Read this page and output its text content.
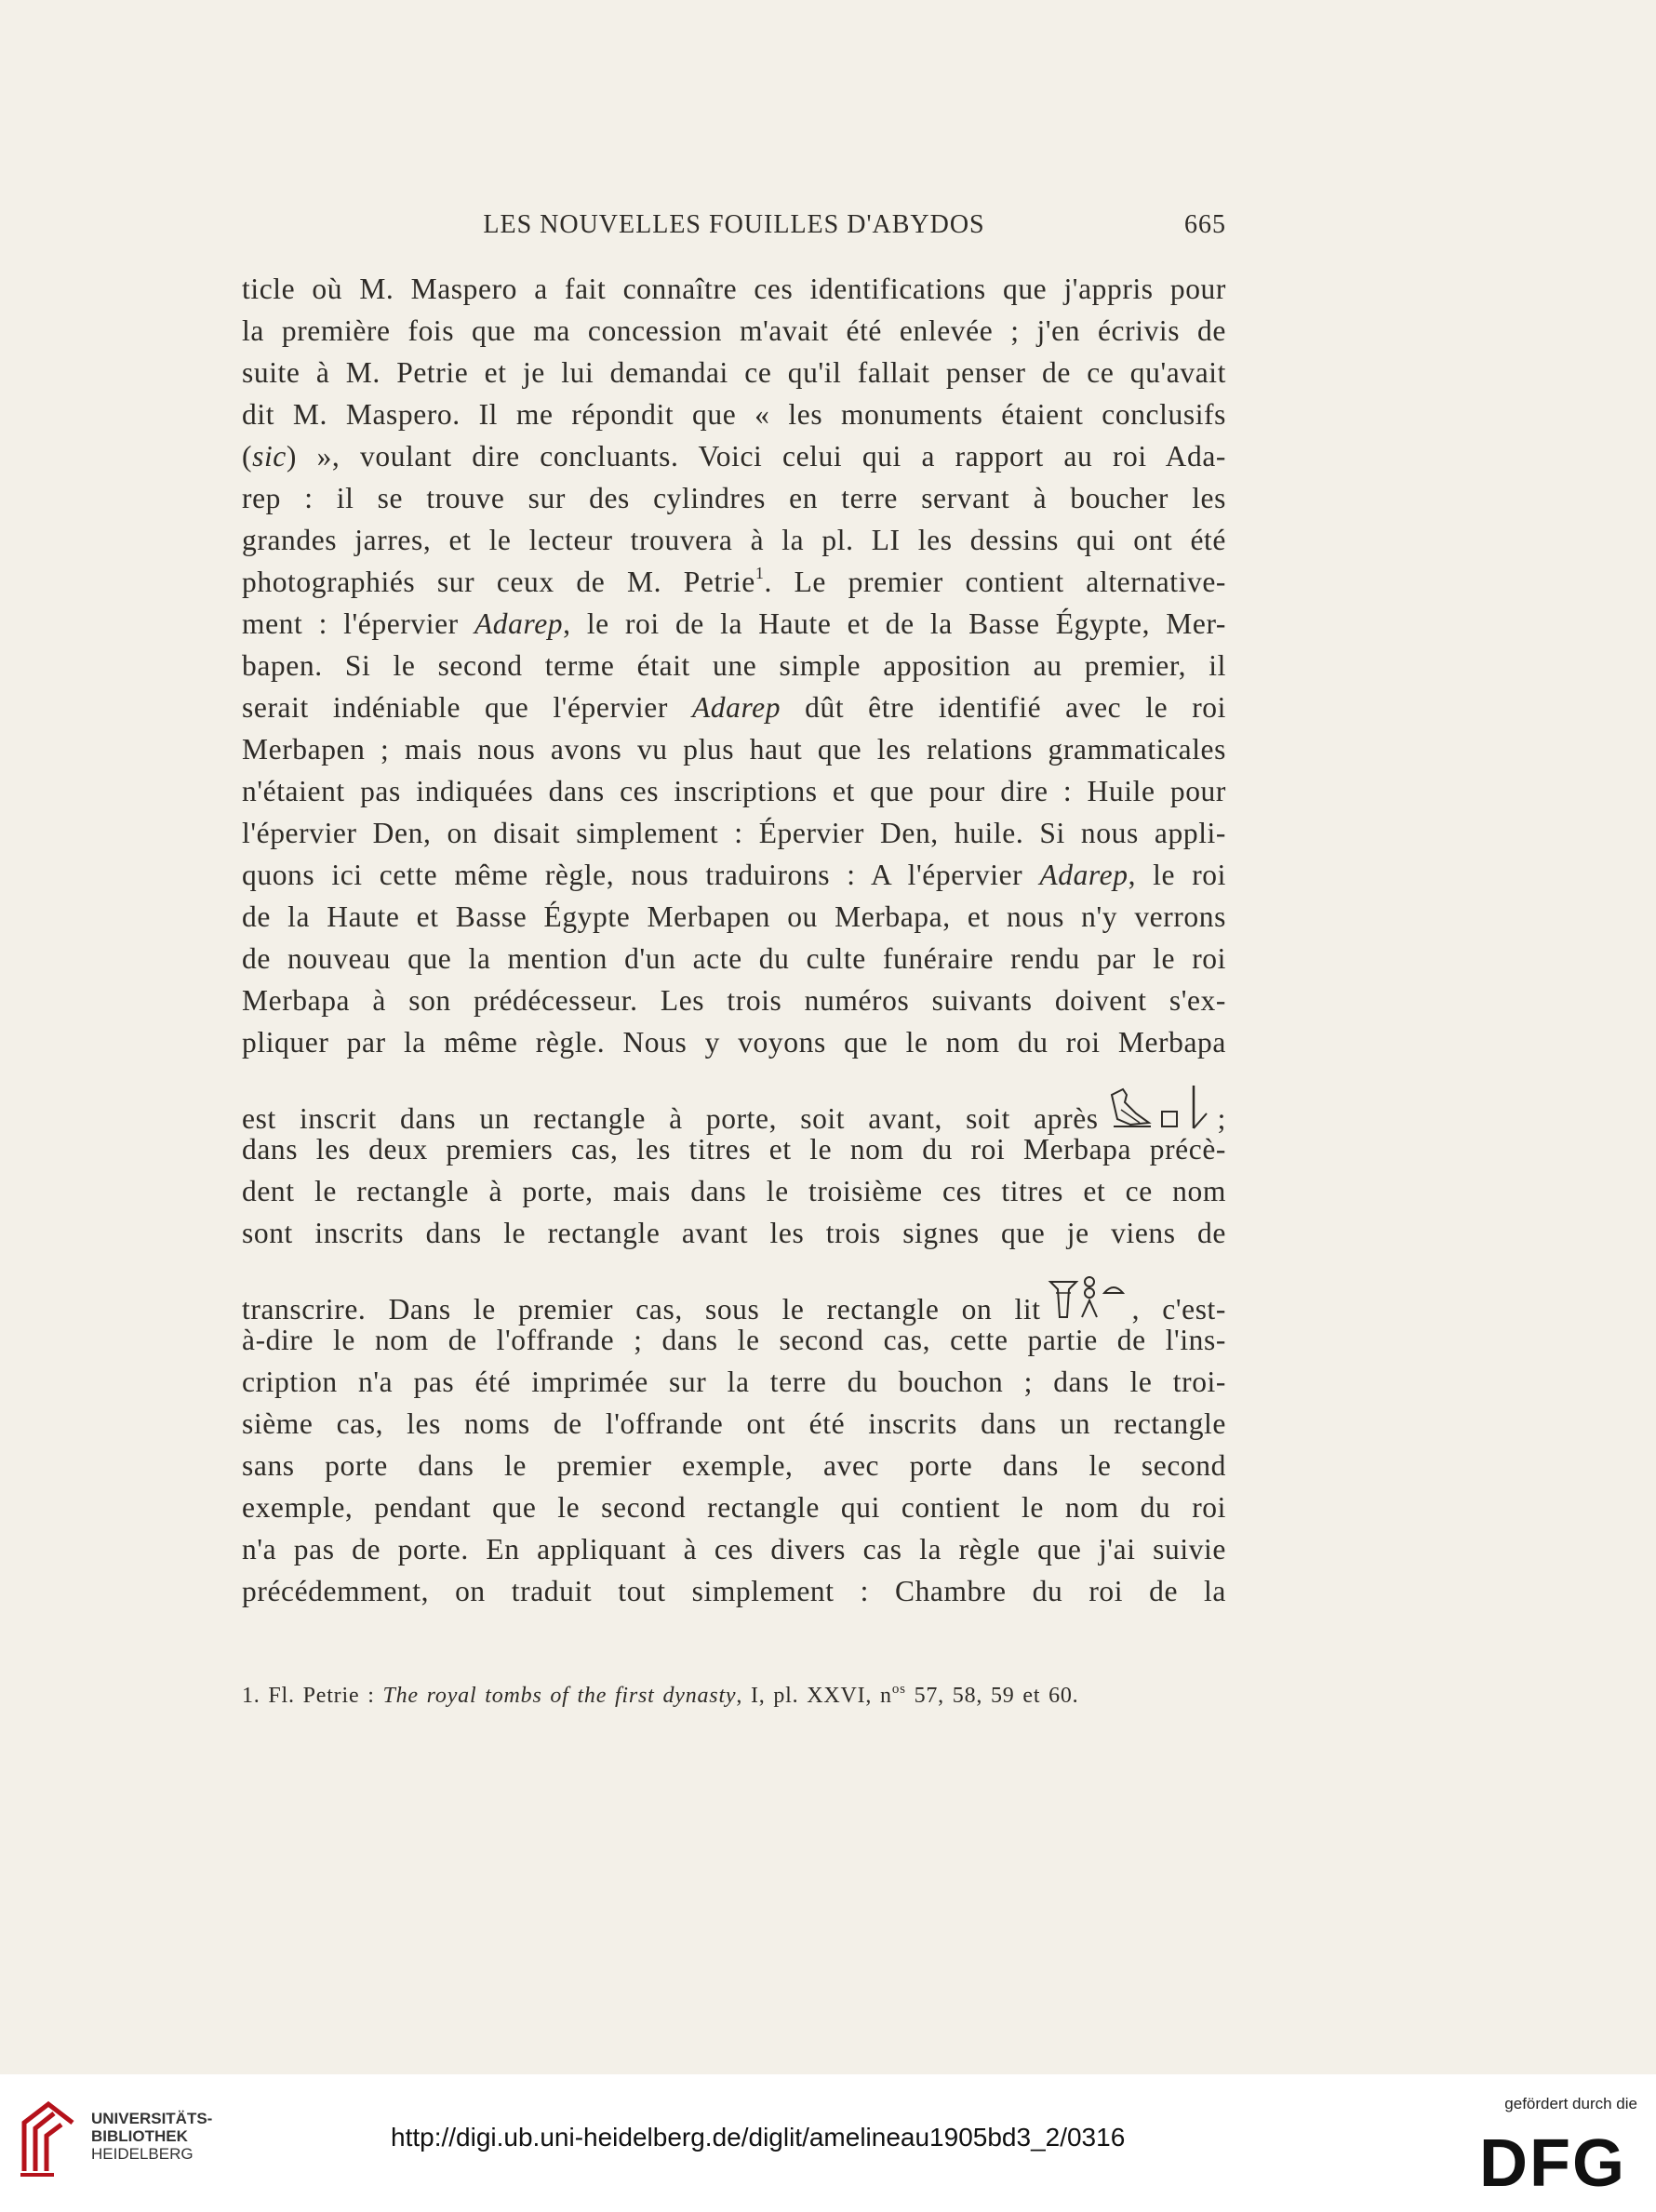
LES NOUVELLES FOUILLES D'ABYDOS	665
ticle où M. Maspero a fait connaître ces identifications que j'appris pour
la première fois que ma concession m'avait été enlevée ; j'en écrivis de
suite à M. Petrie et je lui demandai ce qu'il fallait penser de ce qu'avait
dit M. Maspero. Il me répondit que « les monuments étaient conclusifs
(sic) », voulant dire concluants. Voici celui qui a rapport au roi Ada-
rep : il se trouve sur des cylindres en terre servant à boucher les
grandes jarres, et le lecteur trouvera à la pl. LI les dessins qui ont été
photographiés sur ceux de M. Petrie$^1$. Le premier contient alternative-
ment : l'épervier Adarep, le roi de la Haute et de la Basse Égypte, Mer-
bapen. Si le second terme était une simple apposition au premier, il
serait indéniable que l'épervier Adarep dût être identifié avec le roi
Merbapen ; mais nous avons vu plus haut que les relations grammaticales
n'étaient pas indiquées dans ces inscriptions et que pour dire : Huile pour
l'épervier Den, on disait simplement : Épervier Den, huile. Si nous appli-
quons ici cette même règle, nous traduirons : A l'épervier Adarep, le roi
de la Haute et Basse Égypte Merbapen ou Merbapa, et nous n'y verrons
de nouveau que la mention d'un acte du culte funéraire rendu par le roi
Merbapa à son prédécesseur. Les trois numéros suivants doivent s'ex-
pliquer par la même règle. Nous y voyons que le nom du roi Merbapa
est inscrit dans un rectangle à porte, soit avant, soit après	;
dans les deux premiers cas, les titres et le nom du roi Merbapa précè-
dent le rectangle à porte, mais dans le troisième ces titres et ce nom
sont inscrits dans le rectangle avant les trois signes que je viens de
transcrire. Dans le premier cas, sous le rectangle on lit	, c'est-
à-dire le nom de l'offrande ; dans le second cas, cette partie de l'ins-
cription n'a pas été imprimée sur la terre du bouchon ; dans le troi-
sième cas, les noms de l'offrande ont été inscrits dans un rectangle
sans porte dans le premier exemple, avec porte dans le second
exemple, pendant que le second rectangle qui contient le nom du roi
n'a pas de porte. En appliquant à ces divers cas la règle que j'ai suivie
précédemment, on traduit tout simplement : Chambre du roi de la
1. Fl. Petrie : The royal tombs of the first dynasty, I, pl. XXVI, $n^{os}$ 57, 58, 59 et 60.
UNIVERSITÄTS-
BIBLIOTHEK
HEIDELBERG
http://digi.ub.uni-heidelberg.de/diglit/amelineau1905bd3_2/0316
gefördert durch die
DFG
